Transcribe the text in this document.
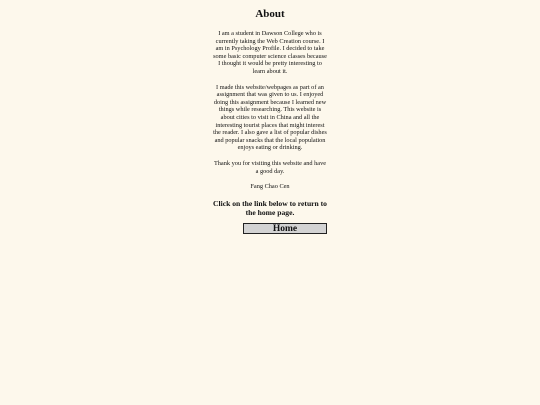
About

I am a student in Dawson College who is currently taking the Web Creation course. I am in Psychology Profile. I decided to take some basic computer science classes because I thought it would be pretty interesting to learn about it.

I made this website/webpages as part of an assignment that was given to us. I enjoyed doing this assignment because I learned new things while researching. This website is about cities to visit in China and all the interesting tourist places that might interest the reader. I also gave a list of popular dishes and popular snacks that the local population enjoys eating or drinking.

Thank you for visiting this website and have a good day.

Fang Chao Cen

Click on the link below to return to the home page.

Home
